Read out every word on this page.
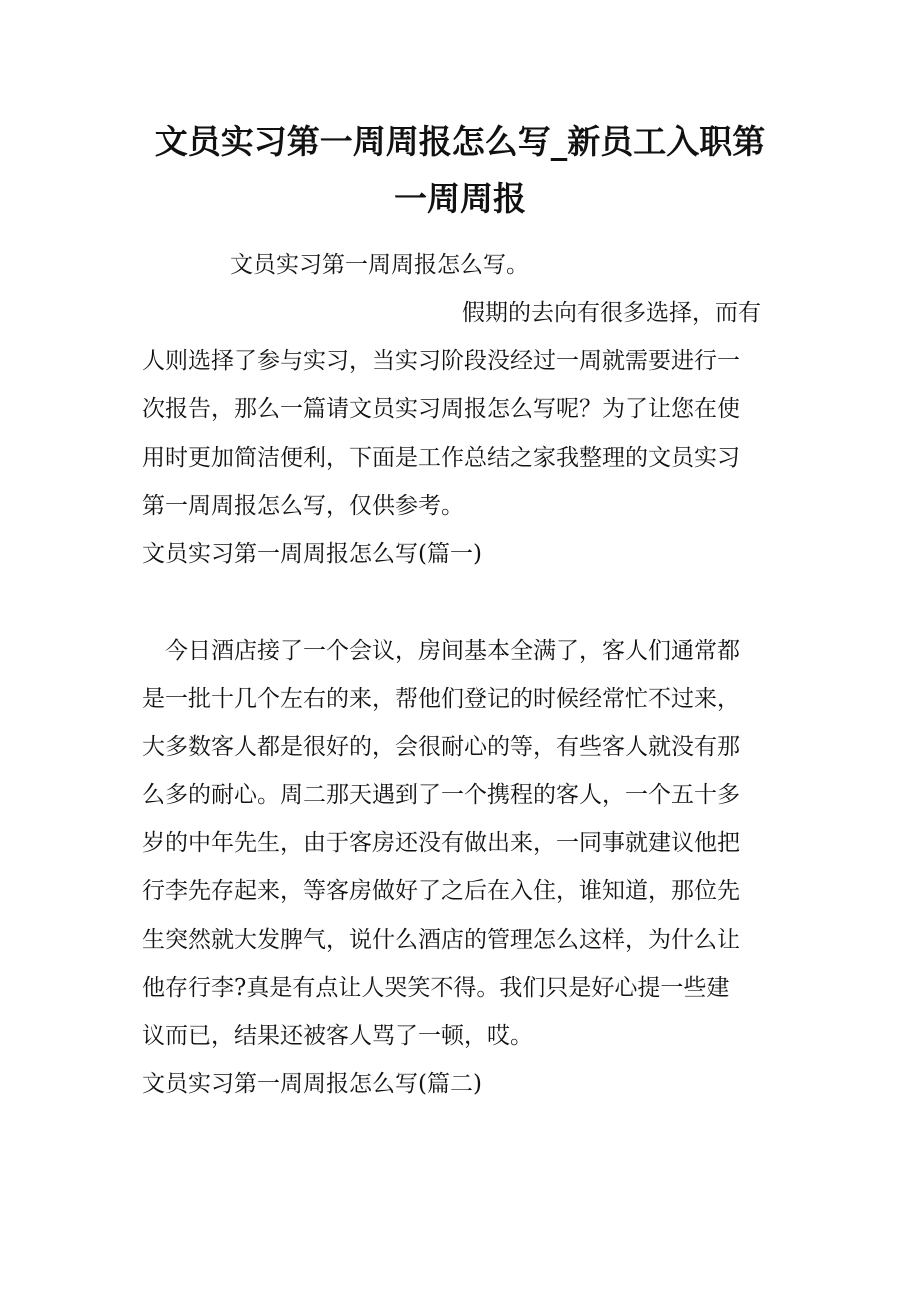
文员实习第一周周报怎么写_新员工入职第
一周周报

文员实习第一周周报怎么写。

假期的去向有很多选择，而有

人则选择了参与实习，当实习阶段没经过一周就需要进行一

次报告，那么一篇请文员实习周报怎么写呢？为了让您在使

用时更加简洁便利，下面是工作总结之家我整理的文员实习

第一周周报怎么写，仅供参考。

文员实习第一周周报怎么写(篇一)

今日酒店接了一个会议，房间基本全满了，客人们通常都

是一批十几个左右的来，帮他们登记的时候经常忙不过来，

大多数客人都是很好的，会很耐心的等，有些客人就没有那

么多的耐心。周二那天遇到了一个携程的客人，一个五十多

岁的中年先生，由于客房还没有做出来，一同事就建议他把

行李先存起来，等客房做好了之后在入住，谁知道，那位先

生突然就大发脾气，说什么酒店的管理怎么这样，为什么让

他存行李?真是有点让人哭笑不得。我们只是好心提一些建

议而已，结果还被客人骂了一顿，哎。

文员实习第一周周报怎么写(篇二)
